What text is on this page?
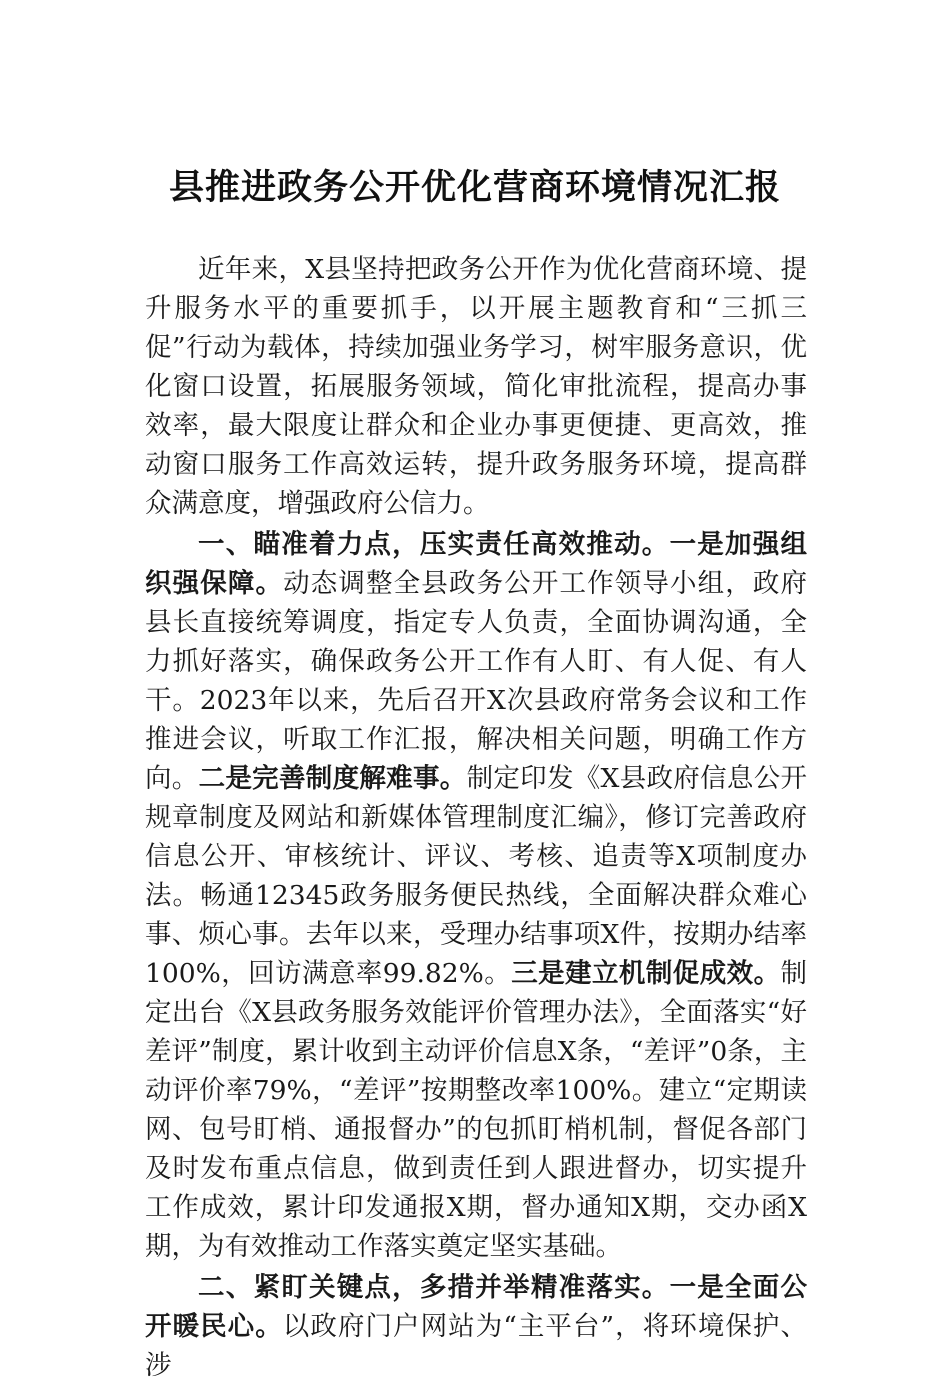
县推进政务公开优化营商环境情况汇报

近年来，X县坚持把政务公开作为优化营商环境、提升服务水平的重要抓手，以开展主题教育和“三抓三促”行动为载体，持续加强业务学习，树牢服务意识，优化窗口设置，拓展服务领域，简化审批流程，提高办事效率，最大限度让群众和企业办事更便捷、更高效，推动窗口服务工作高效运转，提升政务服务环境，提高群众满意度，增强政府公信力。

一、瞄准着力点，压实责任高效推动。一是加强组织强保障。动态调整全县政务公开工作领导小组，政府县长直接统筹调度，指定专人负责，全面协调沟通，全力抓好落实，确保政务公开工作有人盯、有人促、有人干。2023年以来，先后召开X次县政府常务会议和工作推进会议，听取工作汇报，解决相关问题，明确工作方向。二是完善制度解难事。制定印发《X县政府信息公开规章制度及网站和新媒体管理制度汇编》，修订完善政府信息公开、审核统计、评议、考核、追责等X项制度办法。畅通12345政务服务便民热线，全面解决群众难心事、烦心事。去年以来，受理办结事项X件，按期办结率100%，回访满意率99.82%。三是建立机制促成效。制定出台《X县政务服务效能评价管理办法》，全面落实“好差评”制度，累计收到主动评价信息X条，“差评”0条，主动评价率79%，“差评”按期整改率100%。建立“定期读网、包号盯梢、通报督办”的包抓盯梢机制，督促各部门及时发布重点信息，做到责任到人跟进督办，切实提升工作成效，累计印发通报X期，督办通知X期，交办函X期，为有效推动工作落实奠定坚实基础。

二、紧盯关键点，多措并举精准落实。一是全面公开暖民心。以政府门户网站为“主平台”，将环境保护、涉
